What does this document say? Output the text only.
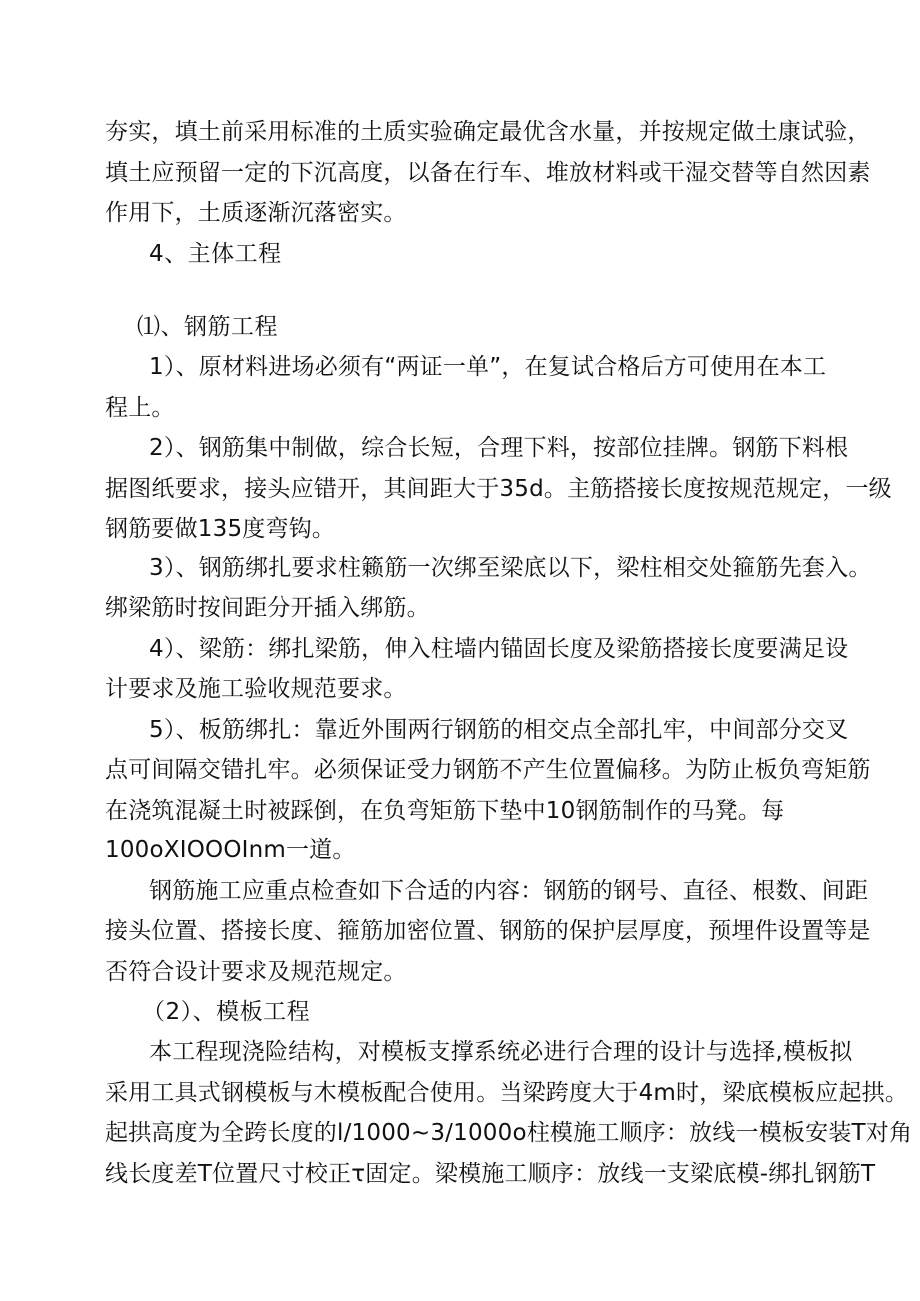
夯实，填土前采用标准的土质实验确定最优含水量，并按规定做土康试验，
填土应预留一定的下沉高度，以备在行车、堆放材料或干湿交替等自然因素
作用下，土质逐渐沉落密实。
4、主体工程
⑴、钢筋工程
1）、原材料进场必须有“两证一单”，在复试合格后方可使用在本工
程上。
2）、钢筋集中制做，综合长短，合理下料，按部位挂牌。钢筋下料根
据图纸要求，接头应错开，其间距大于35d。主筋搭接长度按规范规定，一级
钢筋要做135度弯钩。
3）、钢筋绑扎要求柱籁筋一次绑至梁底以下，梁柱相交处箍筋先套入。
绑梁筋时按间距分开插入绑筋。
4）、梁筋：绑扎梁筋，伸入柱墙内锚固长度及梁筋搭接长度要满足设
计要求及施工验收规范要求。
5）、板筋绑扎：靠近外围两行钢筋的相交点全部扎牢，中间部分交叉
点可间隔交错扎牢。必须保证受力钢筋不产生位置偏移。为防止板负弯矩筋
在浇筑混凝土时被踩倒，在负弯矩筋下垫中10钢筋制作的马凳。每
100oXIOOOInm一道。
钢筋施工应重点检查如下合适的内容：钢筋的钢号、直径、根数、间距
接头位置、搭接长度、箍筋加密位置、钢筋的保护层厚度，预埋件设置等是
否符合设计要求及规范规定。
（2）、模板工程
本工程现浇险结构，对模板支撑系统必进行合理的设计与选择,模板拟
采用工具式钢模板与木模板配合使用。当梁跨度大于4m时，梁底模板应起拱。
起拱高度为全跨长度的l/1000~3/1000o柱模施工顺序：放线一模板安装T对角
线长度差T位置尺寸校正τ固定。梁模施工顺序：放线一支梁底模-绑扎钢筋T
